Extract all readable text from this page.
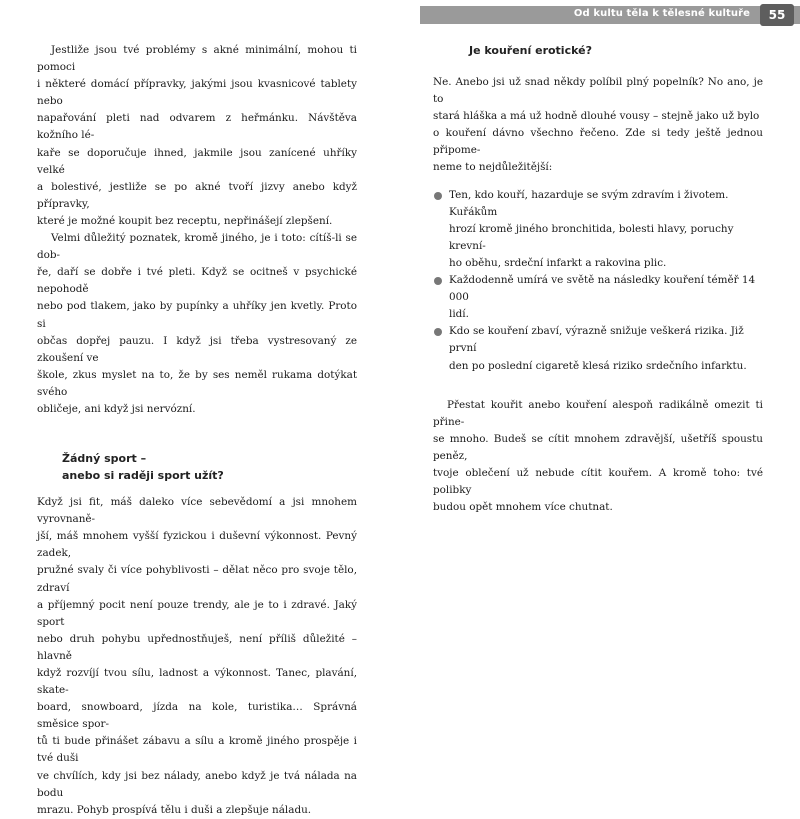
Od kultu těla k tělesné kultuře	55
Jestliže jsou tvé problémy s akné minimální, mohou ti pomoci
i některé domácí přípravky, jakými jsou kvasnicové tablety nebo
napařování pleti nad odvarem z heřmánku. Návštěva kožního lé-
kaře se doporučuje ihned, jakmile jsou zanícené uhříky velké
a bolestivé, jestliže se po akné tvoří jizvy anebo když přípravky,
které je možné koupit bez receptu, nepřinášejí zlepšení.
Velmi důležitý poznatek, kromě jiného, je i toto: cítíš-li se dob-
ře, daří se dobře i tvé pleti. Když se ocitneš v psychické nepohodě
nebo pod tlakem, jako by pupínky a uhříky jen kvetly. Proto si
občas dopřej pauzu. I když jsi třeba vystresovaný ze zkoušení ve
škole, zkus myslet na to, že by ses neměl rukama dotýkat svého
obličeje, ani když jsi nervózní.
Žádný sport –
anebo si raději sport užít?
Když jsi fit, máš daleko více sebevědomí a jsi mnohem vyrovnaně-
jší, máš mnohem vyšší fyzickou i duševní výkonnost. Pevný zadek,
pružné svaly či více pohyblivosti – dělat něco pro svoje tělo, zdraví
a příjemný pocit není pouze trendy, ale je to i zdravé. Jaký sport
nebo druh pohybu upřednostňuješ, není příliš důležité – hlavně
když rozvíjí tvou sílu, ladnost a výkonnost. Tanec, plavání, skate-
board, snowboard, jízda na kole, turistika… Správná směsice spor-
tů ti bude přinášet zábavu a sílu a kromě jiného prospěje i tvé duši
ve chvílích, kdy jsi bez nálady, anebo když je tvá nálada na bodu
mrazu. Pohyb prospívá tělu i duši a zlepšuje náladu.
Je kouření erotické?
Ne. Anebo jsi už snad někdy políbil plný popelník? No ano, je to
stará hláška a má už hodně dlouhé vousy – stejně jako už bylo
o kouření dávno všechno řečeno. Zde si tedy ještě jednou připome-
neme to nejdůležitější:
Ten, kdo kouří, hazarduje se svým zdravím i životem. Kuřákům
hrozí kromě jiného bronchitida, bolesti hlavy, poruchy krevní-
ho oběhu, srdeční infarkt a rakovina plic.
Každodenně umírá ve světě na následky kouření téměř 14 000
lidí.
Kdo se kouření zbaví, výrazně snižuje veškerá rizika. Již první
den po poslední cigaretě klesá riziko srdečního infarktu.
Přestat kouřit anebo kouření alespoň radikálně omezit ti přine-
se mnoho. Budeš se cítit mnohem zdravější, ušetříš spoustu peněz,
tvoje oblečení už nebude cítit kouřem. A kromě toho: tvé polibky
budou opět mnohem více chutnat.
